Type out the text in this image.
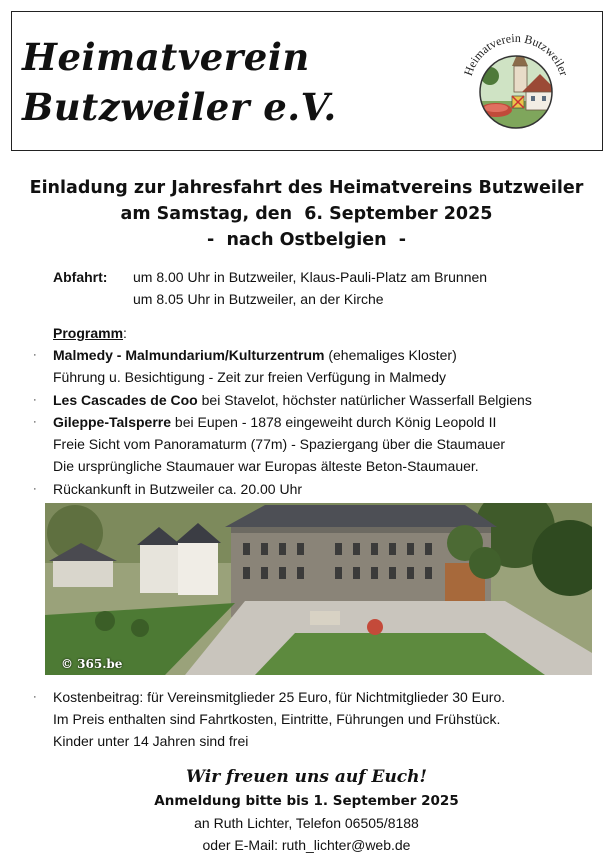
Heimatverein
Butzweiler e.V.
Heimatverein Butzweiler
Einladung zur Jahresfahrt des Heimatvereins Butzweiler
am Samstag, den  6. September 2025
-  nach Ostbelgien  -
Abfahrt: um 8.00 Uhr in Butzweiler, Klaus-Pauli-Platz am Brunnen
um 8.05 Uhr in Butzweiler, an der Kirche
Programm:
· Malmedy - Malmundarium/Kulturzentrum (ehemaliges Kloster)
Führung u. Besichtigung - Zeit zur freien Verfügung in Malmedy
· Les Cascades de Coo bei Stavelot, höchster natürlicher Wasserfall Belgiens
· Gileppe-Talsperre bei Eupen - 1878 eingeweiht durch König Leopold II
Freie Sicht vom Panoramaturm (77m) - Spaziergang über die Staumauer
Die ursprüngliche Staumauer war Europas älteste Beton-Staumauer.
· Rückankunft in Butzweiler ca. 20.00 Uhr
© 365.be
· Kostenbeitrag: für Vereinsmitglieder 25 Euro, für Nichtmitglieder 30 Euro.
Im Preis enthalten sind Fahrtkosten, Eintritte, Führungen und Frühstück.
Kinder unter 14 Jahren sind frei
Wir freuen uns auf Euch!
Anmeldung bitte bis 1. September 2025
an Ruth Lichter, Telefon 06505/8188
oder E-Mail: ruth_lichter@web.de
